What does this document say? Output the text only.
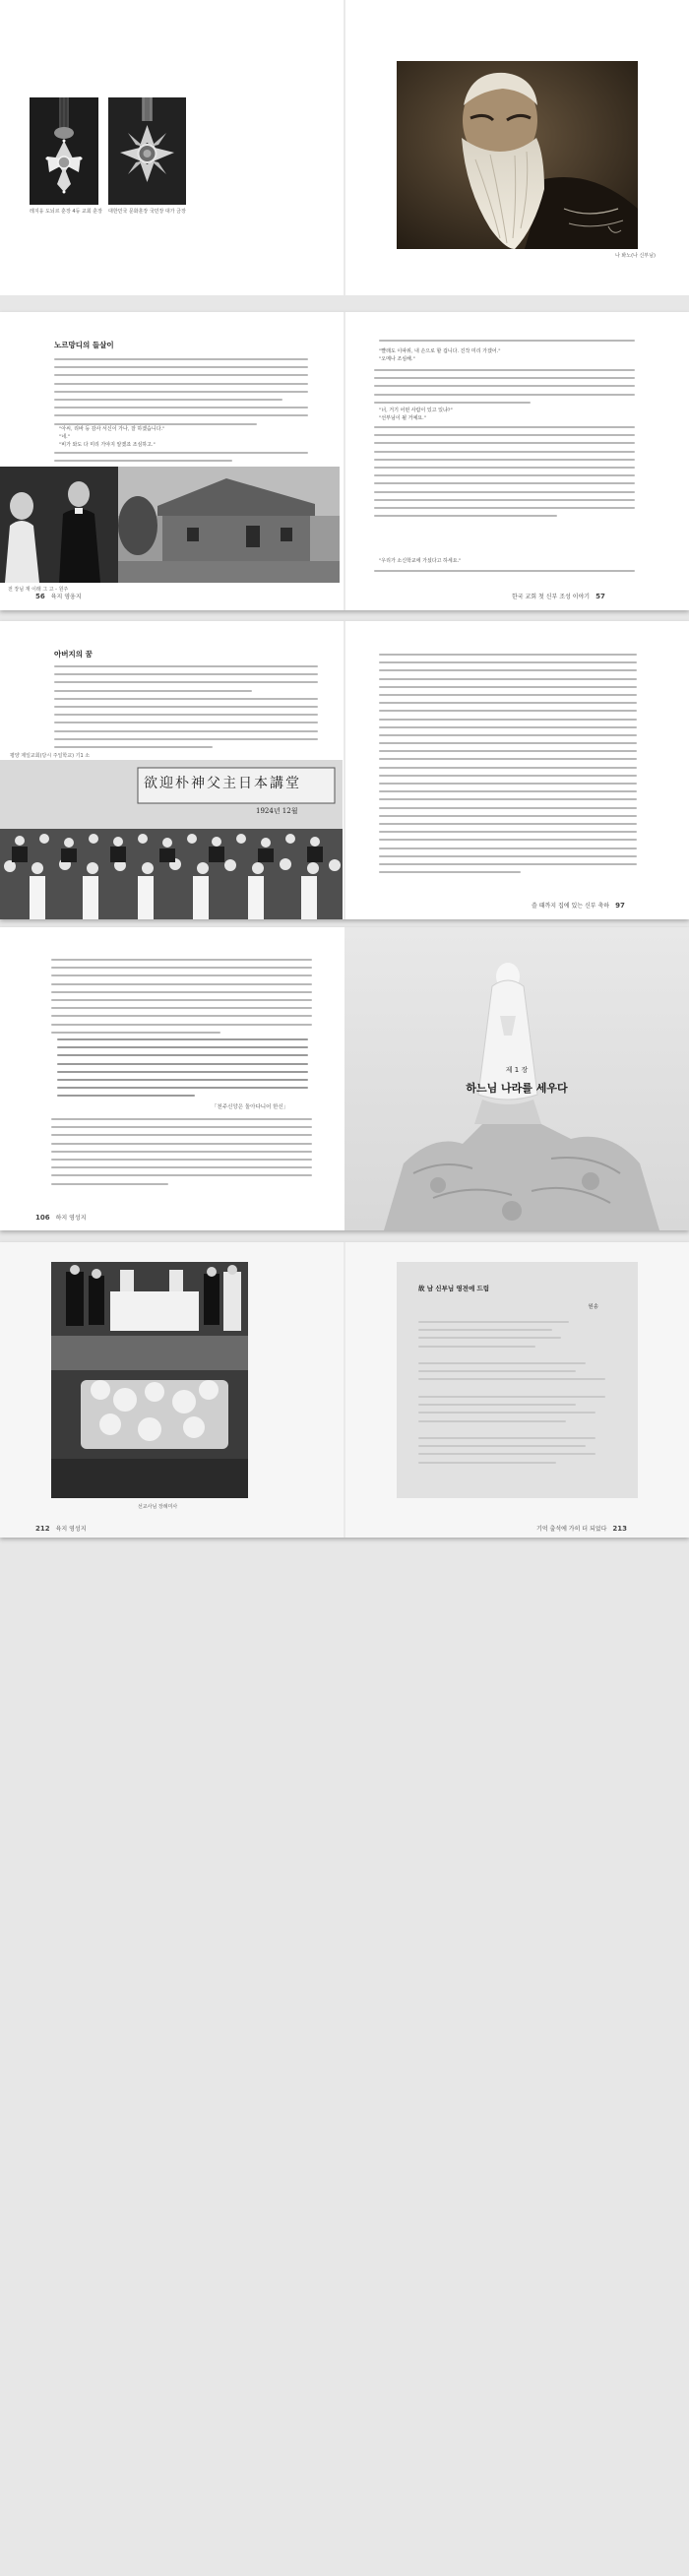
레지옹 도뇌르 훈장 4등 교회 훈장 대한민국 문화훈장 국민장 대가 금장
나 봐노(나 신부님)
노르망디의 들살이
"아씨, 리바 등 감사 서신이 가나, 잘 하겠습니다."
"네."
"비가 와도 다 미리 가야지 알겠죠 조심하고."
전 장님 재 이래 그 고 - 원주
56 육지 영웅지
"빨래도 이따위, 내 손으로 할 겁니다. 진작 미리 가겠어."
"오메나 조심해."
"너, 거기 어떤 사람이 있고 있냐?"
"선부님이 될 거예요."
"우리가 소신학교에 가셨다고 하세요."
한국 교회 첫 신부 조성 이야기 57
아버지의 꿈
평양 제일교회(당시 주일학교) 기1 소
欲迎朴神父主日本講堂
1924년 12월
쓸 때까지 집에 있는 신부 축하 97
「천주신앙은 돌아다니어 한신」
106 하지 영성지
제 1 장
하느님 나라를 세우다
선교사님 장례미사
212 육지 영성지
故 남 신부님 영전에 드림
원송
기억 출석에 가히 더 되었다 213
